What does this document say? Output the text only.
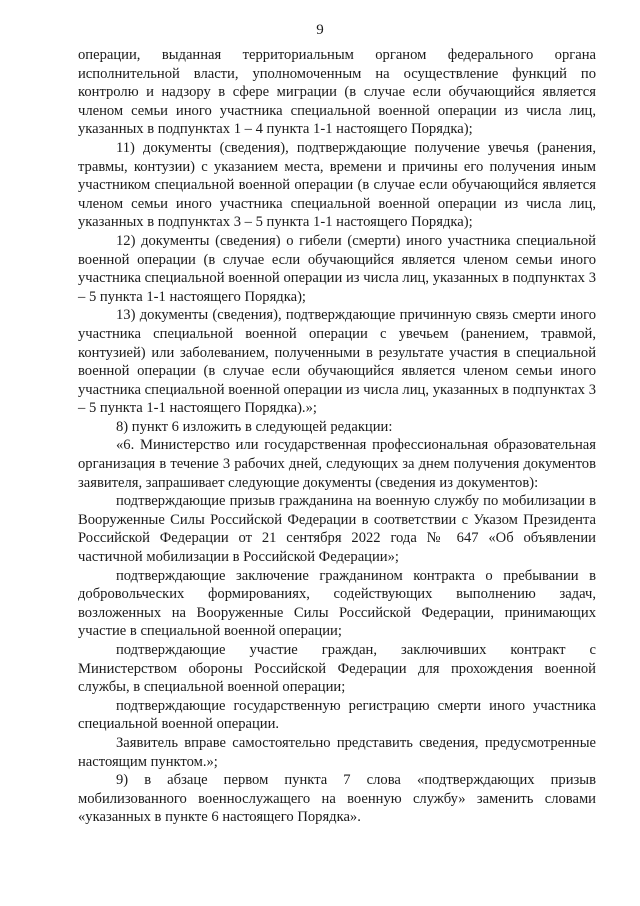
9

операции, выданная территориальным органом федерального органа исполнительной власти, уполномоченным на осуществление функций по контролю и надзору в сфере миграции (в случае если обучающийся является членом семьи иного участника специальной военной операции из числа лиц, указанных в подпунктах 1 – 4 пункта 1-1 настоящего Порядка);

11) документы (сведения), подтверждающие получение увечья (ранения, травмы, контузии) с указанием места, времени и причины его получения иным участником специальной военной операции (в случае если обучающийся является членом семьи иного участника специальной военной операции из числа лиц, указанных в подпунктах 3 – 5 пункта 1-1 настоящего Порядка);

12) документы (сведения) о гибели (смерти) иного участника специальной военной операции (в случае если обучающийся является членом семьи иного участника специальной военной операции из числа лиц, указанных в подпунктах 3 – 5 пункта 1-1 настоящего Порядка);

13) документы (сведения), подтверждающие причинную связь смерти иного участника специальной военной операции с увечьем (ранением, травмой, контузией) или заболеванием, полученными в результате участия в специальной военной операции (в случае если обучающийся является членом семьи иного участника специальной военной операции из числа лиц, указанных в подпунктах 3 – 5 пункта 1-1 настоящего Порядка).»;

8) пункт 6 изложить в следующей редакции:

«6. Министерство или государственная профессиональная образовательная организация в течение 3 рабочих дней, следующих за днем получения документов заявителя, запрашивает следующие документы (сведения из документов):

подтверждающие призыв гражданина на военную службу по мобилизации в Вооруженные Силы Российской Федерации в соответствии с Указом Президента Российской Федерации от 21 сентября 2022 года № 647 «Об объявлении частичной мобилизации в Российской Федерации»;

подтверждающие заключение гражданином контракта о пребывании в добровольческих формированиях, содействующих выполнению задач, возложенных на Вооруженные Силы Российской Федерации, принимающих участие в специальной военной операции;

подтверждающие участие граждан, заключивших контракт с Министерством обороны Российской Федерации для прохождения военной службы, в специальной военной операции;

подтверждающие государственную регистрацию смерти иного участника специальной военной операции.

Заявитель вправе самостоятельно представить сведения, предусмотренные настоящим пунктом.»;

9) в абзаце первом пункта 7 слова «подтверждающих призыв мобилизованного военнослужащего на военную службу» заменить словами «указанных в пункте 6 настоящего Порядка».
